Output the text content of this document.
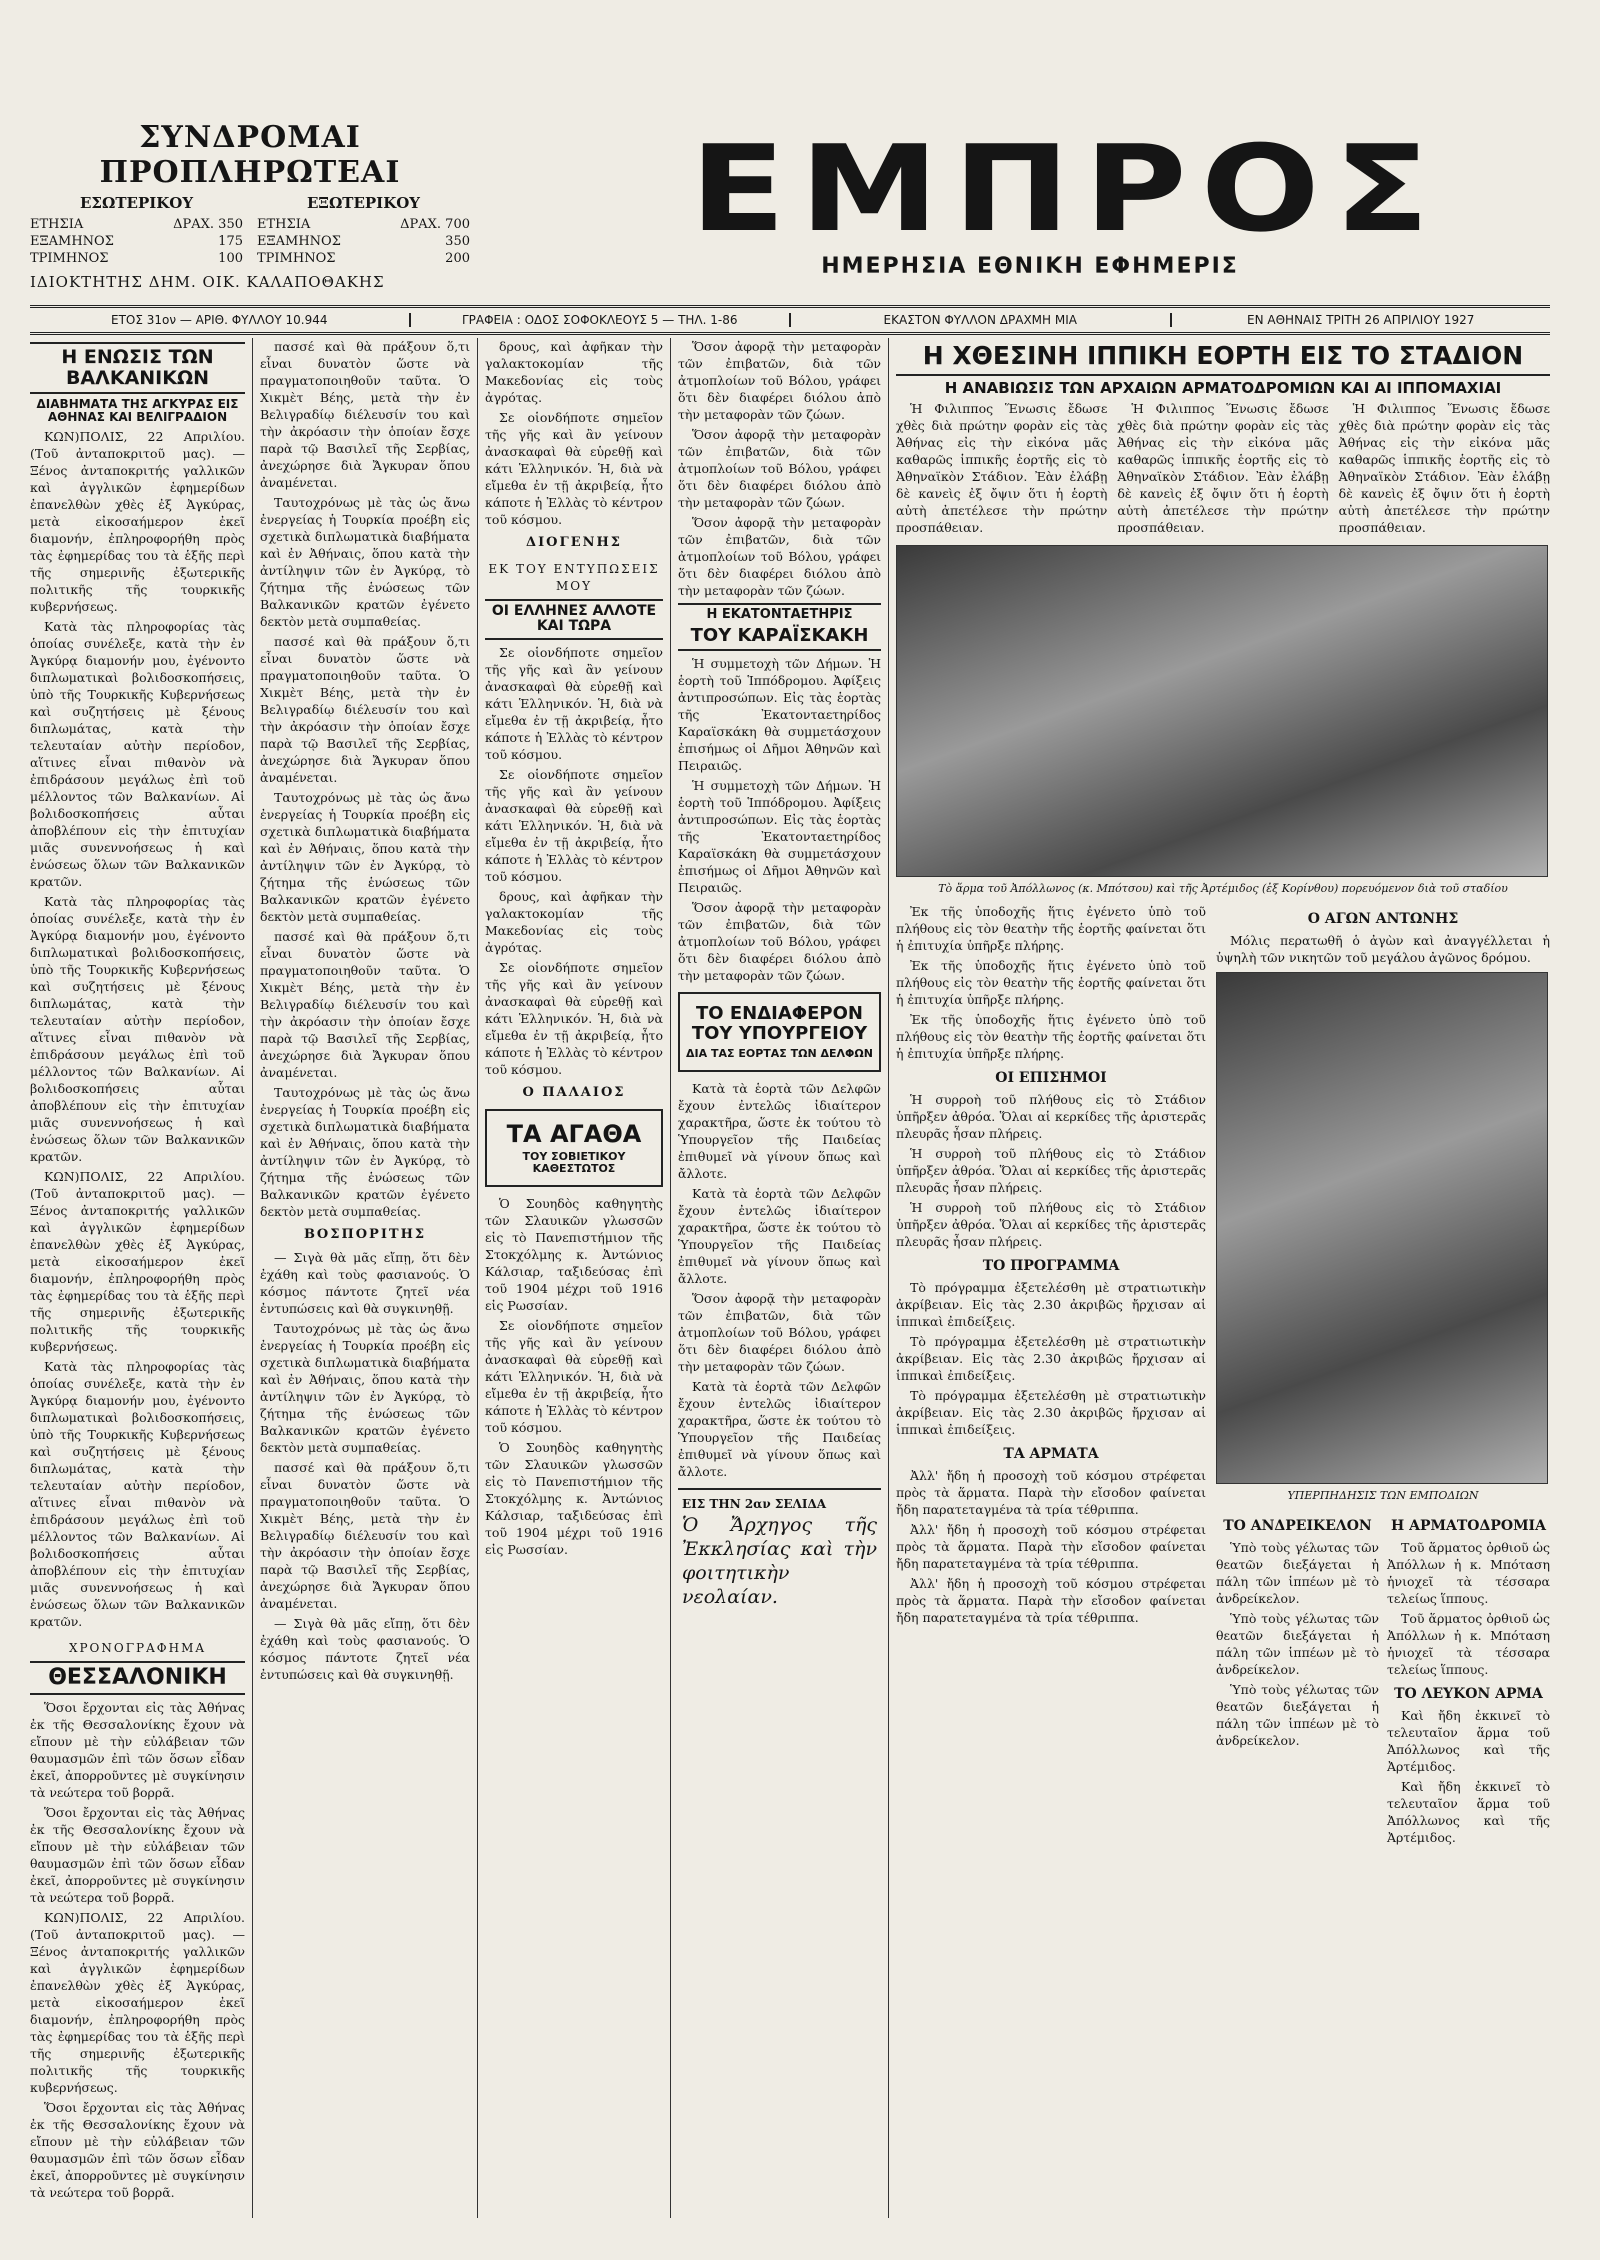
ΣΥΝΔΡΟΜΑΙ ΠΡΟΠΛΗΡΩΤΕΑΙ

ΕΣΩΤΕΡΙΚΟΥ
ΕΤΗΣΙΑ	ΔΡΑΧ. 350
ΕΞΑΜΗΝΟΣ	175
ΤΡΙΜΗΝΟΣ	100
ΕΞΩΤΕΡΙΚΟΥ
ΕΤΗΣΙΑ	ΔΡΑΧ. 700
ΕΞΑΜΗΝΟΣ	350
ΤΡΙΜΗΝΟΣ	200
ΙΔΙΟΚΤΗΤΗΣ ΔΗΜ. ΟΙΚ. ΚΑΛΑΠΟΘΑΚΗΣ

ΕΜΠΡΟΣ

ΗΜΕΡΗΣΙΑ ΕΘΝΙΚΗ ΕΦΗΜΕΡΙΣ
ΕΤΟΣ 31ον — ΑΡΙΘ. ΦΥΛΛΟΥ 10.944	ΓΡΑΦΕΙΑ : ΟΔΟΣ ΣΟΦΟΚΛΕΟΥΣ 5 — ΤΗΛ. 1-86	ΕΚΑΣΤΟΝ ΦΥΛΛΟΝ ΔΡΑΧΜΗ ΜΙΑ	ΕΝ ΑΘΗΝΑΙΣ ΤΡΙΤΗ 26 ΑΠΡΙΛΙΟΥ 1927
Η ΕΝΩΣΙΣ ΤΩΝ ΒΑΛΚΑΝΙΚΩΝ
ΔΙΑΒΗΜΑΤΑ ΤΗΣ ΑΓΚΥΡΑΣ ΕΙΣ ΑΘΗΝΑΣ ΚΑΙ ΒΕΛΙΓΡΑΔΙΟΝ

ΚΩΝ)ΠΟΛΙΣ, 22 Απριλίου. (Τοῦ ἀνταποκριτοῦ μας). — Ξένος ἀνταποκριτής γαλλικῶν καὶ ἀγγλικῶν ἐφημερίδων ἐπανελθὼν χθὲς ἐξ Ἀγκύρας, μετὰ εἰκοσαήμερον ἐκεῖ διαμονήν, ἐπληροφορήθη πρὸς τὰς ἐφημερίδας του τὰ ἑξῆς περὶ τῆς σημερινῆς ἐξωτερικῆς πολιτικῆς τῆς τουρκικῆς κυβερνήσεως.

Κατὰ τὰς πληροφορίας τὰς ὁποίας συνέλεξε, κατὰ τὴν ἐν Ἀγκύρᾳ διαμονήν μου, ἐγένοντο διπλωματικαὶ βολιδοσκοπήσεις, ὑπὸ τῆς Τουρκικῆς Κυβερνήσεως καὶ συζητήσεις μὲ ξένους διπλωμάτας, κατὰ τὴν τελευταίαν αὐτὴν περίοδον, αἵτινες εἶναι πιθανὸν νὰ ἐπιδράσουν μεγάλως ἐπὶ τοῦ μέλλοντος τῶν Βαλκανίων. Αἱ βολιδοσκοπήσεις αὗται ἀποβλέπουν εἰς τὴν ἐπιτυχίαν μιᾶς συνεννοήσεως ἡ καὶ ἐνώσεως ὅλων τῶν Βαλκανικῶν κρατῶν.

Κατὰ τὰς πληροφορίας τὰς ὁποίας συνέλεξε, κατὰ τὴν ἐν Ἀγκύρᾳ διαμονήν μου, ἐγένοντο διπλωματικαὶ βολιδοσκοπήσεις, ὑπὸ τῆς Τουρκικῆς Κυβερνήσεως καὶ συζητήσεις μὲ ξένους διπλωμάτας, κατὰ τὴν τελευταίαν αὐτὴν περίοδον, αἵτινες εἶναι πιθανὸν νὰ ἐπιδράσουν μεγάλως ἐπὶ τοῦ μέλλοντος τῶν Βαλκανίων. Αἱ βολιδοσκοπήσεις αὗται ἀποβλέπουν εἰς τὴν ἐπιτυχίαν μιᾶς συνεννοήσεως ἡ καὶ ἐνώσεως ὅλων τῶν Βαλκανικῶν κρατῶν.

ΚΩΝ)ΠΟΛΙΣ, 22 Απριλίου. (Τοῦ ἀνταποκριτοῦ μας). — Ξένος ἀνταποκριτής γαλλικῶν καὶ ἀγγλικῶν ἐφημερίδων ἐπανελθὼν χθὲς ἐξ Ἀγκύρας, μετὰ εἰκοσαήμερον ἐκεῖ διαμονήν, ἐπληροφορήθη πρὸς τὰς ἐφημερίδας του τὰ ἑξῆς περὶ τῆς σημερινῆς ἐξωτερικῆς πολιτικῆς τῆς τουρκικῆς κυβερνήσεως.

Κατὰ τὰς πληροφορίας τὰς ὁποίας συνέλεξε, κατὰ τὴν ἐν Ἀγκύρᾳ διαμονήν μου, ἐγένοντο διπλωματικαὶ βολιδοσκοπήσεις, ὑπὸ τῆς Τουρκικῆς Κυβερνήσεως καὶ συζητήσεις μὲ ξένους διπλωμάτας, κατὰ τὴν τελευταίαν αὐτὴν περίοδον, αἵτινες εἶναι πιθανὸν νὰ ἐπιδράσουν μεγάλως ἐπὶ τοῦ μέλλοντος τῶν Βαλκανίων. Αἱ βολιδοσκοπήσεις αὗται ἀποβλέπουν εἰς τὴν ἐπιτυχίαν μιᾶς συνεννοήσεως ἡ καὶ ἐνώσεως ὅλων τῶν Βαλκανικῶν κρατῶν.

ΧΡΟΝΟΓΡΑΦΗΜΑ
ΘΕΣΣΑΛΟΝΙΚΗ

Ὅσοι ἔρχονται εἰς τὰς Ἀθήνας ἐκ τῆς Θεσσαλονίκης ἔχουν νὰ εἴπουν μὲ τὴν εὐλάβειαν τῶν θαυμασμῶν ἐπὶ τῶν ὅσων εἶδαν ἐκεῖ, ἀπορροῦντες μὲ συγκίνησιν τὰ νεώτερα τοῦ βορρᾶ.

Ὅσοι ἔρχονται εἰς τὰς Ἀθήνας ἐκ τῆς Θεσσαλονίκης ἔχουν νὰ εἴπουν μὲ τὴν εὐλάβειαν τῶν θαυμασμῶν ἐπὶ τῶν ὅσων εἶδαν ἐκεῖ, ἀπορροῦντες μὲ συγκίνησιν τὰ νεώτερα τοῦ βορρᾶ.

ΚΩΝ)ΠΟΛΙΣ, 22 Απριλίου. (Τοῦ ἀνταποκριτοῦ μας). — Ξένος ἀνταποκριτής γαλλικῶν καὶ ἀγγλικῶν ἐφημερίδων ἐπανελθὼν χθὲς ἐξ Ἀγκύρας, μετὰ εἰκοσαήμερον ἐκεῖ διαμονήν, ἐπληροφορήθη πρὸς τὰς ἐφημερίδας του τὰ ἑξῆς περὶ τῆς σημερινῆς ἐξωτερικῆς πολιτικῆς τῆς τουρκικῆς κυβερνήσεως.

Ὅσοι ἔρχονται εἰς τὰς Ἀθήνας ἐκ τῆς Θεσσαλονίκης ἔχουν νὰ εἴπουν μὲ τὴν εὐλάβειαν τῶν θαυμασμῶν ἐπὶ τῶν ὅσων εἶδαν ἐκεῖ, ἀπορροῦντες μὲ συγκίνησιν τὰ νεώτερα τοῦ βορρᾶ.

πασσέ καὶ θὰ πράξουν ὅ,τι εἶναι δυνατὸν ὥστε νὰ πραγματοποιηθοῦν ταῦτα. Ὁ Χικμὲτ Βέης, μετὰ τὴν ἐν Βελιγραδίῳ διέλευσίν του καὶ τὴν ἀκρόασιν τὴν ὁποίαν ἔσχε παρὰ τῷ Βασιλεῖ τῆς Σερβίας, ἀνεχώρησε διὰ Ἄγκυραν ὅπου ἀναμένεται.

Ταυτοχρόνως μὲ τὰς ὡς ἄνω ἐνεργείας ἡ Τουρκία προέβη εἰς σχετικὰ διπλωματικὰ διαβήματα καὶ ἐν Ἀθήναις, ὅπου κατὰ τὴν ἀντίληψιν τῶν ἐν Ἀγκύρᾳ, τὸ ζήτημα τῆς ἑνώσεως τῶν Βαλκανικῶν κρατῶν ἐγένετο δεκτὸν μετὰ συμπαθείας.

πασσέ καὶ θὰ πράξουν ὅ,τι εἶναι δυνατὸν ὥστε νὰ πραγματοποιηθοῦν ταῦτα. Ὁ Χικμὲτ Βέης, μετὰ τὴν ἐν Βελιγραδίῳ διέλευσίν του καὶ τὴν ἀκρόασιν τὴν ὁποίαν ἔσχε παρὰ τῷ Βασιλεῖ τῆς Σερβίας, ἀνεχώρησε διὰ Ἄγκυραν ὅπου ἀναμένεται.

Ταυτοχρόνως μὲ τὰς ὡς ἄνω ἐνεργείας ἡ Τουρκία προέβη εἰς σχετικὰ διπλωματικὰ διαβήματα καὶ ἐν Ἀθήναις, ὅπου κατὰ τὴν ἀντίληψιν τῶν ἐν Ἀγκύρᾳ, τὸ ζήτημα τῆς ἑνώσεως τῶν Βαλκανικῶν κρατῶν ἐγένετο δεκτὸν μετὰ συμπαθείας.

πασσέ καὶ θὰ πράξουν ὅ,τι εἶναι δυνατὸν ὥστε νὰ πραγματοποιηθοῦν ταῦτα. Ὁ Χικμὲτ Βέης, μετὰ τὴν ἐν Βελιγραδίῳ διέλευσίν του καὶ τὴν ἀκρόασιν τὴν ὁποίαν ἔσχε παρὰ τῷ Βασιλεῖ τῆς Σερβίας, ἀνεχώρησε διὰ Ἄγκυραν ὅπου ἀναμένεται.

Ταυτοχρόνως μὲ τὰς ὡς ἄνω ἐνεργείας ἡ Τουρκία προέβη εἰς σχετικὰ διπλωματικὰ διαβήματα καὶ ἐν Ἀθήναις, ὅπου κατὰ τὴν ἀντίληψιν τῶν ἐν Ἀγκύρᾳ, τὸ ζήτημα τῆς ἑνώσεως τῶν Βαλκανικῶν κρατῶν ἐγένετο δεκτὸν μετὰ συμπαθείας.

ΒΟΣΠΟΡΙΤΗΣ

— Σιγὰ θὰ μᾶς εἴπῃ, ὅτι δὲν ἐχάθη καὶ τοὺς φασιανούς. Ὁ κόσμος πάντοτε ζητεῖ νέα ἐντυπώσεις καὶ θὰ συγκινηθῇ.

Ταυτοχρόνως μὲ τὰς ὡς ἄνω ἐνεργείας ἡ Τουρκία προέβη εἰς σχετικὰ διπλωματικὰ διαβήματα καὶ ἐν Ἀθήναις, ὅπου κατὰ τὴν ἀντίληψιν τῶν ἐν Ἀγκύρᾳ, τὸ ζήτημα τῆς ἑνώσεως τῶν Βαλκανικῶν κρατῶν ἐγένετο δεκτὸν μετὰ συμπαθείας.

πασσέ καὶ θὰ πράξουν ὅ,τι εἶναι δυνατὸν ὥστε νὰ πραγματοποιηθοῦν ταῦτα. Ὁ Χικμὲτ Βέης, μετὰ τὴν ἐν Βελιγραδίῳ διέλευσίν του καὶ τὴν ἀκρόασιν τὴν ὁποίαν ἔσχε παρὰ τῷ Βασιλεῖ τῆς Σερβίας, ἀνεχώρησε διὰ Ἄγκυραν ὅπου ἀναμένεται.

— Σιγὰ θὰ μᾶς εἴπῃ, ὅτι δὲν ἐχάθη καὶ τοὺς φασιανούς. Ὁ κόσμος πάντοτε ζητεῖ νέα ἐντυπώσεις καὶ θὰ συγκινηθῇ.

δρους, καὶ ἀφῆκαν τὴν γαλακτοκομίαν τῆς Μακεδονίας εἰς τοὺς ἀγρότας.

Σε οἱονδήποτε σημεῖον τῆς γῆς καὶ ἂν γείνουν ἀνασκαφαὶ θὰ εὑρεθῇ καὶ κάτι Ἑλληνικόν. Ἡ, διὰ νὰ εἴμεθα ἐν τῇ ἀκριβείᾳ, ἦτο κάποτε ἡ Ἑλλὰς τὸ κέντρον τοῦ κόσμου.

ΔΙΟΓΕΝΗΣ
ΕΚ ΤΟΥ ΕΝΤΥΠΩΣΕΙΣ ΜΟΥ
ΟΙ ΕΛΛΗΝΕΣ ΑΛΛΟΤΕ ΚΑΙ ΤΩΡΑ

Σε οἱονδήποτε σημεῖον τῆς γῆς καὶ ἂν γείνουν ἀνασκαφαὶ θὰ εὑρεθῇ καὶ κάτι Ἑλληνικόν. Ἡ, διὰ νὰ εἴμεθα ἐν τῇ ἀκριβείᾳ, ἦτο κάποτε ἡ Ἑλλὰς τὸ κέντρον τοῦ κόσμου.

Σε οἱονδήποτε σημεῖον τῆς γῆς καὶ ἂν γείνουν ἀνασκαφαὶ θὰ εὑρεθῇ καὶ κάτι Ἑλληνικόν. Ἡ, διὰ νὰ εἴμεθα ἐν τῇ ἀκριβείᾳ, ἦτο κάποτε ἡ Ἑλλὰς τὸ κέντρον τοῦ κόσμου.

δρους, καὶ ἀφῆκαν τὴν γαλακτοκομίαν τῆς Μακεδονίας εἰς τοὺς ἀγρότας.

Σε οἱονδήποτε σημεῖον τῆς γῆς καὶ ἂν γείνουν ἀνασκαφαὶ θὰ εὑρεθῇ καὶ κάτι Ἑλληνικόν. Ἡ, διὰ νὰ εἴμεθα ἐν τῇ ἀκριβείᾳ, ἦτο κάποτε ἡ Ἑλλὰς τὸ κέντρον τοῦ κόσμου.

Ο ΠΑΛΑΙΟΣ
ΤΑ ΑΓΑΘΑ
ΤΟΥ ΣΟΒΙΕΤΙΚΟΥ ΚΑΘΕΣΤΩΤΟΣ

Ὁ Σουηδὸς καθηγητὴς τῶν Σλαυικῶν γλωσσῶν εἰς τὸ Πανεπιστήμιον τῆς Στοκχόλμης κ. Ἀντώνιος Κάλσιαρ, ταξιδεύσας ἐπὶ τοῦ 1904 μέχρι τοῦ 1916 εἰς Ρωσσίαν.

Σε οἱονδήποτε σημεῖον τῆς γῆς καὶ ἂν γείνουν ἀνασκαφαὶ θὰ εὑρεθῇ καὶ κάτι Ἑλληνικόν. Ἡ, διὰ νὰ εἴμεθα ἐν τῇ ἀκριβείᾳ, ἦτο κάποτε ἡ Ἑλλὰς τὸ κέντρον τοῦ κόσμου.

Ὁ Σουηδὸς καθηγητὴς τῶν Σλαυικῶν γλωσσῶν εἰς τὸ Πανεπιστήμιον τῆς Στοκχόλμης κ. Ἀντώνιος Κάλσιαρ, ταξιδεύσας ἐπὶ τοῦ 1904 μέχρι τοῦ 1916 εἰς Ρωσσίαν.

Ὅσον ἀφορᾷ τὴν μεταφορὰν τῶν ἐπιβατῶν, διὰ τῶν ἀτμοπλοίων τοῦ Βόλου, γράφει ὅτι δὲν διαφέρει διόλου ἀπὸ τὴν μεταφορὰν τῶν ζώων.

Ὅσον ἀφορᾷ τὴν μεταφορὰν τῶν ἐπιβατῶν, διὰ τῶν ἀτμοπλοίων τοῦ Βόλου, γράφει ὅτι δὲν διαφέρει διόλου ἀπὸ τὴν μεταφορὰν τῶν ζώων.

Ὅσον ἀφορᾷ τὴν μεταφορὰν τῶν ἐπιβατῶν, διὰ τῶν ἀτμοπλοίων τοῦ Βόλου, γράφει ὅτι δὲν διαφέρει διόλου ἀπὸ τὴν μεταφορὰν τῶν ζώων.

Η ΕΚΑΤΟΝΤΑΕΤΗΡΙΣ
ΤΟΥ ΚΑΡΑΪΣΚΑΚΗ

Ἡ συμμετοχὴ τῶν Δήμων. Ἡ ἑορτὴ τοῦ Ἱππόδρομου. Ἀφίξεις ἀντιπροσώπων. Εἰς τὰς ἑορτὰς τῆς Ἐκατονταετηρίδος Καραϊσκάκη θὰ συμμετάσχουν ἐπισήμως οἱ Δῆμοι Ἀθηνῶν καὶ Πειραιῶς.

Ἡ συμμετοχὴ τῶν Δήμων. Ἡ ἑορτὴ τοῦ Ἱππόδρομου. Ἀφίξεις ἀντιπροσώπων. Εἰς τὰς ἑορτὰς τῆς Ἐκατονταετηρίδος Καραϊσκάκη θὰ συμμετάσχουν ἐπισήμως οἱ Δῆμοι Ἀθηνῶν καὶ Πειραιῶς.

Ὅσον ἀφορᾷ τὴν μεταφορὰν τῶν ἐπιβατῶν, διὰ τῶν ἀτμοπλοίων τοῦ Βόλου, γράφει ὅτι δὲν διαφέρει διόλου ἀπὸ τὴν μεταφορὰν τῶν ζώων.

ΤΟ ΕΝΔΙΑΦΕΡΟΝ ΤΟΥ ΥΠΟΥΡΓΕΙΟΥ
ΔΙΑ ΤΑΣ ΕΟΡΤΑΣ ΤΩΝ ΔΕΛΦΩΝ

Κατὰ τὰ ἑορτὰ τῶν Δελφῶν ἔχουν ἐντελῶς ἰδιαίτερον χαρακτῆρα, ὥστε ἐκ τούτου τὸ Ὑπουργεῖον τῆς Παιδείας ἐπιθυμεῖ νὰ γίνουν ὅπως καὶ ἄλλοτε.

Κατὰ τὰ ἑορτὰ τῶν Δελφῶν ἔχουν ἐντελῶς ἰδιαίτερον χαρακτῆρα, ὥστε ἐκ τούτου τὸ Ὑπουργεῖον τῆς Παιδείας ἐπιθυμεῖ νὰ γίνουν ὅπως καὶ ἄλλοτε.

Ὅσον ἀφορᾷ τὴν μεταφορὰν τῶν ἐπιβατῶν, διὰ τῶν ἀτμοπλοίων τοῦ Βόλου, γράφει ὅτι δὲν διαφέρει διόλου ἀπὸ τὴν μεταφορὰν τῶν ζώων.

Κατὰ τὰ ἑορτὰ τῶν Δελφῶν ἔχουν ἐντελῶς ἰδιαίτερον χαρακτῆρα, ὥστε ἐκ τούτου τὸ Ὑπουργεῖον τῆς Παιδείας ἐπιθυμεῖ νὰ γίνουν ὅπως καὶ ἄλλοτε.

ΕΙΣ ΤΗΝ 2αν ΣΕΛΙΔΑ
Ὁ Ἄρχηγος τῆς Ἐκκλησίας καὶ τὴν φοιτητικὴν νεολαίαν.
Η ΧΘΕΣΙΝΗ ΙΠΠΙΚΗ ΕΟΡΤΗ ΕΙΣ ΤΟ ΣΤΑΔΙΟΝ
Η ΑΝΑΒΙΩΣΙΣ ΤΩΝ ΑΡΧΑΙΩΝ ΑΡΜΑΤΟΔΡΟΜΙΩΝ ΚΑΙ ΑΙ ΙΠΠΟΜΑΧΙΑΙ

Ἡ Φιλιππος Ἕνωσις ἔδωσε χθὲς διὰ πρώτην φορὰν εἰς τὰς Ἀθήνας εἰς τὴν εἰκόνα μᾶς καθαρῶς ἱππικῆς ἑορτῆς εἰς τὸ Ἀθηναϊκὸν Στάδιον. Ἐὰν ἐλάβῃ δὲ κανεὶς ἐξ ὄψιν ὅτι ἡ ἑορτὴ αὐτὴ ἀπετέλεσε τὴν πρώτην προσπάθειαν.

Ἡ Φιλιππος Ἕνωσις ἔδωσε χθὲς διὰ πρώτην φορὰν εἰς τὰς Ἀθήνας εἰς τὴν εἰκόνα μᾶς καθαρῶς ἱππικῆς ἑορτῆς εἰς τὸ Ἀθηναϊκὸν Στάδιον. Ἐὰν ἐλάβῃ δὲ κανεὶς ἐξ ὄψιν ὅτι ἡ ἑορτὴ αὐτὴ ἀπετέλεσε τὴν πρώτην προσπάθειαν.

Ἡ Φιλιππος Ἕνωσις ἔδωσε χθὲς διὰ πρώτην φορὰν εἰς τὰς Ἀθήνας εἰς τὴν εἰκόνα μᾶς καθαρῶς ἱππικῆς ἑορτῆς εἰς τὸ Ἀθηναϊκὸν Στάδιον. Ἐὰν ἐλάβῃ δὲ κανεὶς ἐξ ὄψιν ὅτι ἡ ἑορτὴ αὐτὴ ἀπετέλεσε τὴν πρώτην προσπάθειαν.

Τὸ ἅρμα τοῦ Ἀπόλλωνος (κ. Μπότσου) καὶ τῆς Ἀρτέμιδος (ἐξ Κορίνθου) πορευόμενον διὰ τοῦ σταδίου

Ἐκ τῆς ὑποδοχῆς ἥτις ἐγένετο ὑπὸ τοῦ πλήθους εἰς τὸν θεατὴν τῆς ἑορτῆς φαίνεται ὅτι ἡ ἐπιτυχία ὑπῆρξε πλήρης.

Ἐκ τῆς ὑποδοχῆς ἥτις ἐγένετο ὑπὸ τοῦ πλήθους εἰς τὸν θεατὴν τῆς ἑορτῆς φαίνεται ὅτι ἡ ἐπιτυχία ὑπῆρξε πλήρης.

Ἐκ τῆς ὑποδοχῆς ἥτις ἐγένετο ὑπὸ τοῦ πλήθους εἰς τὸν θεατὴν τῆς ἑορτῆς φαίνεται ὅτι ἡ ἐπιτυχία ὑπῆρξε πλήρης.

ΟΙ ΕΠΙΣΗΜΟΙ

Ἡ συρροὴ τοῦ πλήθους εἰς τὸ Στάδιον ὑπῆρξεν ἀθρόα. Ὅλαι αἱ κερκίδες τῆς ἀριστερᾶς πλευρᾶς ἦσαν πλήρεις.

Ἡ συρροὴ τοῦ πλήθους εἰς τὸ Στάδιον ὑπῆρξεν ἀθρόα. Ὅλαι αἱ κερκίδες τῆς ἀριστερᾶς πλευρᾶς ἦσαν πλήρεις.

Ἡ συρροὴ τοῦ πλήθους εἰς τὸ Στάδιον ὑπῆρξεν ἀθρόα. Ὅλαι αἱ κερκίδες τῆς ἀριστερᾶς πλευρᾶς ἦσαν πλήρεις.

ΤΟ ΠΡΟΓΡΑΜΜΑ

Τὸ πρόγραμμα ἐξετελέσθη μὲ στρατιωτικὴν ἀκρίβειαν. Εἰς τὰς 2.30 ἀκριβῶς ἤρχισαν αἱ ἱππικαὶ ἐπιδείξεις.

Τὸ πρόγραμμα ἐξετελέσθη μὲ στρατιωτικὴν ἀκρίβειαν. Εἰς τὰς 2.30 ἀκριβῶς ἤρχισαν αἱ ἱππικαὶ ἐπιδείξεις.

Τὸ πρόγραμμα ἐξετελέσθη μὲ στρατιωτικὴν ἀκρίβειαν. Εἰς τὰς 2.30 ἀκριβῶς ἤρχισαν αἱ ἱππικαὶ ἐπιδείξεις.

ΤΑ ΑΡΜΑΤΑ

Ἀλλ' ἤδη ἡ προσοχὴ τοῦ κόσμου στρέφεται πρὸς τὰ ἅρματα. Παρὰ τὴν εἴσοδον φαίνεται ἤδη παρατεταγμένα τὰ τρία τέθριππα.

Ἀλλ' ἤδη ἡ προσοχὴ τοῦ κόσμου στρέφεται πρὸς τὰ ἅρματα. Παρὰ τὴν εἴσοδον φαίνεται ἤδη παρατεταγμένα τὰ τρία τέθριππα.

Ἀλλ' ἤδη ἡ προσοχὴ τοῦ κόσμου στρέφεται πρὸς τὰ ἅρματα. Παρὰ τὴν εἴσοδον φαίνεται ἤδη παρατεταγμένα τὰ τρία τέθριππα.

Ο ΑΓΩΝ ΑΝΤΩΝΗΣ

Μόλις περατωθῆ ὁ ἀγὼν καὶ ἀναγγέλλεται ἡ ὑψηλὴ τῶν νικητῶν τοῦ μεγάλου ἀγῶνος δρόμου.

ΥΠΕΡΠΗΔΗΣΙΣ ΤΩΝ ΕΜΠΟΔΙΩΝ
ΤΟ ΑΝΔΡΕΙΚΕΛΟΝ

Ὑπὸ τοὺς γέλωτας τῶν θεατῶν διεξάγεται ἡ πάλη τῶν ἱππέων μὲ τὸ ἀνδρείκελον.

Ὑπὸ τοὺς γέλωτας τῶν θεατῶν διεξάγεται ἡ πάλη τῶν ἱππέων μὲ τὸ ἀνδρείκελον.

Ὑπὸ τοὺς γέλωτας τῶν θεατῶν διεξάγεται ἡ πάλη τῶν ἱππέων μὲ τὸ ἀνδρείκελον.

Η ΑΡΜΑΤΟΔΡΟΜΙΑ

Τοῦ ἅρματος ὀρθιοῦ ὡς Ἀπόλλων ἡ κ. Μπόταση ἡνιοχεῖ τὰ τέσσαρα τελείως ἵππους.

Τοῦ ἅρματος ὀρθιοῦ ὡς Ἀπόλλων ἡ κ. Μπόταση ἡνιοχεῖ τὰ τέσσαρα τελείως ἵππους.

ΤΟ ΛΕΥΚΟΝ ΑΡΜΑ

Καὶ ἤδη ἐκκινεῖ τὸ τελευταῖον ἅρμα τοῦ Ἀπόλλωνος καὶ τῆς Ἀρτέμιδος.

Καὶ ἤδη ἐκκινεῖ τὸ τελευταῖον ἅρμα τοῦ Ἀπόλλωνος καὶ τῆς Ἀρτέμιδος.
